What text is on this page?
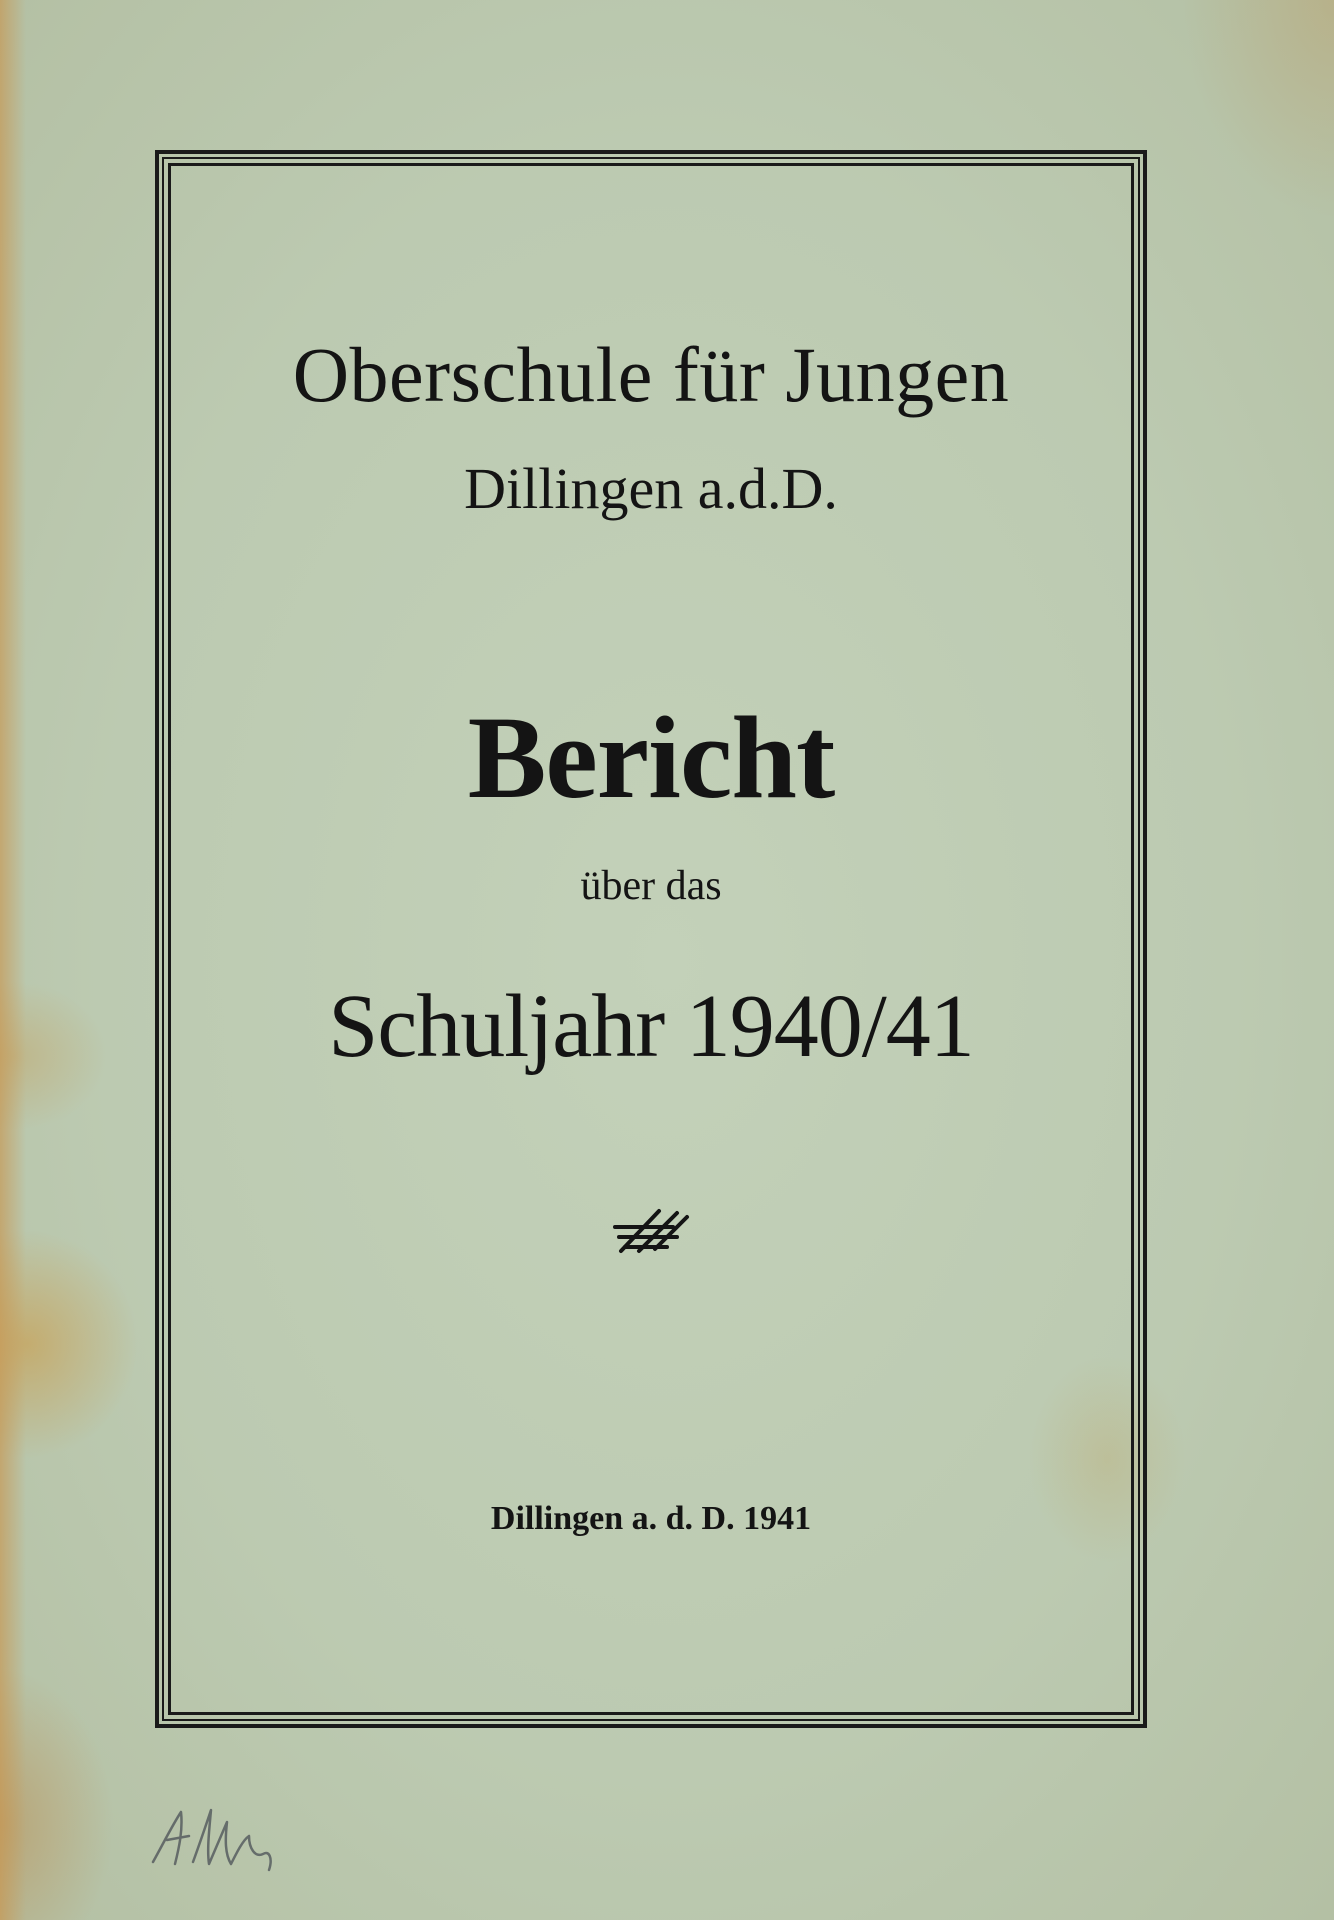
Oberschule für Jungen

Dillingen a.d.D.

Bericht

über das

Schuljahr 1940/41

Dillingen a. d. D. 1941
